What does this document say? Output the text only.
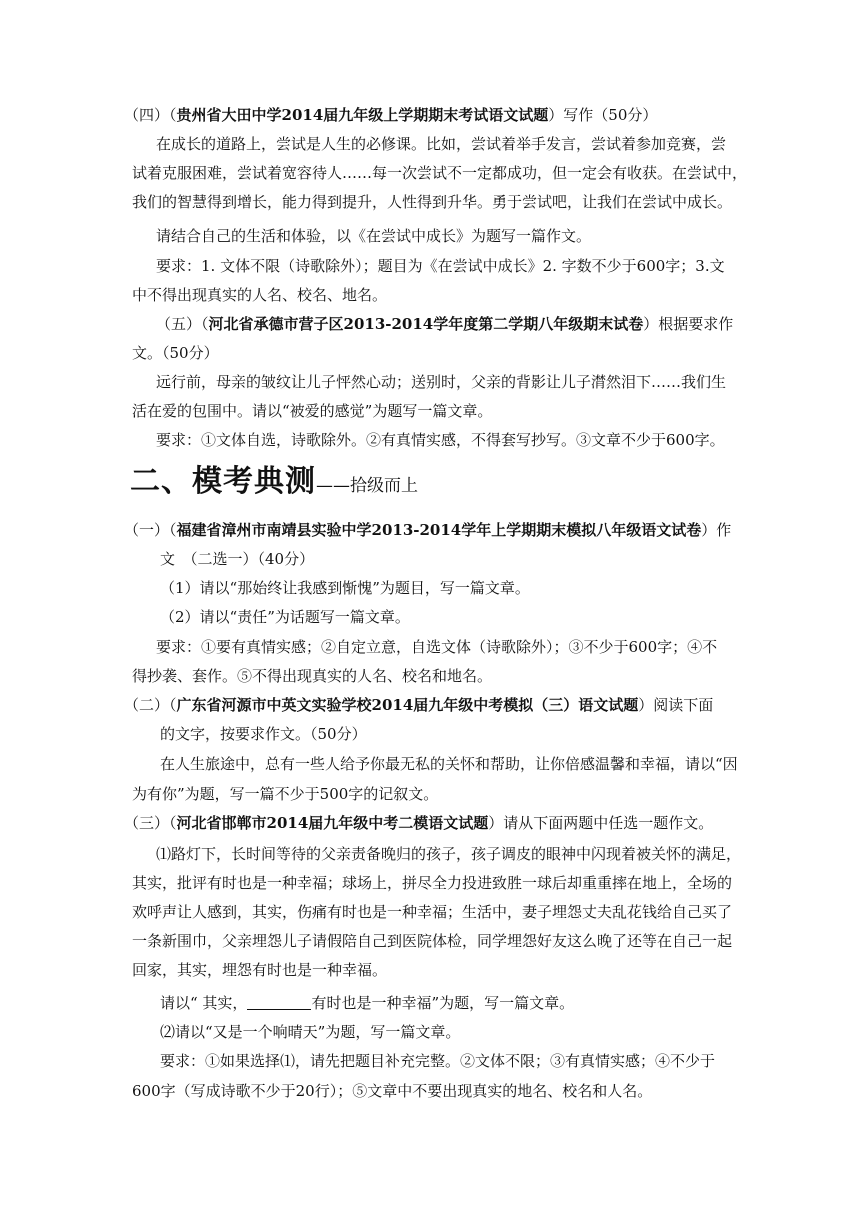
（四）（贵州省大田中学2014届九年级上学期期末考试语文试题）写作（50分）
在成长的道路上，尝试是人生的必修课。比如，尝试着举手发言，尝试着参加竞赛，尝
试着克服困难，尝试着宽容待人……每一次尝试不一定都成功，但一定会有收获。在尝试中，
我们的智慧得到增长，能力得到提升，人性得到升华。勇于尝试吧，让我们在尝试中成长。
请结合自己的生活和体验，以《在尝试中成长》为题写一篇作文。
要求：1. 文体不限（诗歌除外）；题目为《在尝试中成长》2. 字数不少于600字；3.文
中不得出现真实的人名、校名、地名。
（五）（河北省承德市营子区2013-2014学年度第二学期八年级期末试卷）根据要求作
文。（50分）
远行前，母亲的皱纹让儿子怦然心动；送别时，父亲的背影让儿子潸然泪下……我们生
活在爱的包围中。请以“被爱的感觉”为题写一篇文章。
要求：①文体自选，诗歌除外。②有真情实感，不得套写抄写。③文章不少于600字。
二、模考典测——拾级而上
（一）（福建省漳州市南靖县实验中学2013-2014学年上学期期末模拟八年级语文试卷）作
文　（二选一）（40分）
（1）请以“那始终让我感到惭愧”为题目，写一篇文章。
（2）请以“责任”为话题写一篇文章。
要求：①要有真情实感；②自定立意，自选文体（诗歌除外）；③不少于600字；④不
得抄袭、套作。⑤不得出现真实的人名、校名和地名。
（二）（广东省河源市中英文实验学校2014届九年级中考模拟（三）语文试题）阅读下面
的文字，按要求作文。（50分）
在人生旅途中，总有一些人给予你最无私的关怀和帮助，让你倍感温馨和幸福，请以“因
为有你”为题，写一篇不少于500字的记叙文。
（三）（河北省邯郸市2014届九年级中考二模语文试题）请从下面两题中任选一题作文。
⑴路灯下，长时间等待的父亲责备晚归的孩子，孩子调皮的眼神中闪现着被关怀的满足，
其实，批评有时也是一种幸福；球场上，拼尽全力投进致胜一球后却重重摔在地上，全场的
欢呼声让人感到，其实，伤痛有时也是一种幸福；生活中，妻子埋怨丈夫乱花钱给自己买了
一条新围巾，父亲埋怨儿子请假陪自己到医院体检，同学埋怨好友这么晚了还等在自己一起
回家，其实，埋怨有时也是一种幸福。
请以“ 其实，	有时也是一种幸福”为题，写一篇文章。
⑵请以“又是一个响晴天”为题，写一篇文章。
要求：①如果选择⑴，请先把题目补充完整。②文体不限；③有真情实感；④不少于
600字（写成诗歌不少于20行）；⑤文章中不要出现真实的地名、校名和人名。
